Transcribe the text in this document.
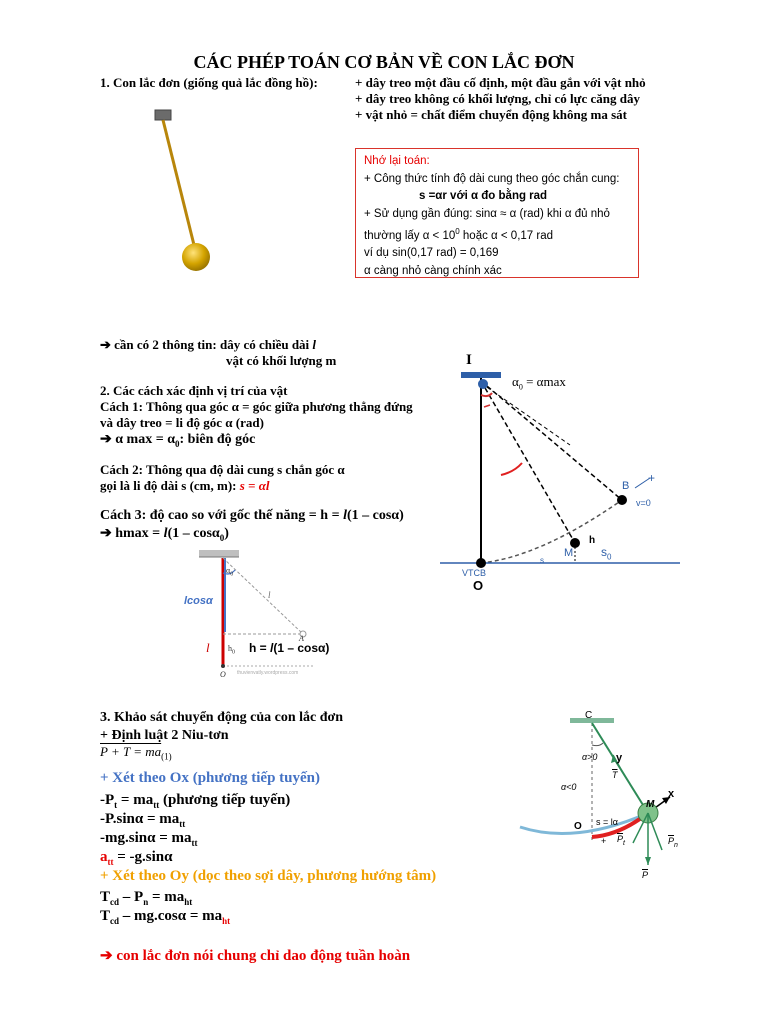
CÁC PHÉP TOÁN CƠ BẢN VỀ CON LẮC ĐƠN
1. Con lắc đơn (giống quả lắc đồng hồ):	+ dây treo một đầu cố định, một đầu gắn với vật nhỏ
+ dây treo không có khối lượng, chỉ có lực căng dây
+ vật nhỏ = chất điểm chuyển động không ma sát
Nhớ lại toán:
+ Công thức tính độ dài cung theo góc chắn cung:
s =αr với α đo bằng rad
+ Sử dụng gần đúng: sinα ≈ α (rad) khi α đủ nhỏ
thường lấy $\alpha < 10^0$ hoặc α < 0,17 rad
ví dụ sin(0,17 rad) = 0,169
α càng nhỏ càng chính xác
➔ cần có 2 thông tin: dây có chiều dài l
vật có khối lượng m
2. Các cách xác định vị trí của vật
Cách 1: Thông qua góc α = góc giữa phương thẳng đứng
và dây treo = li độ góc α (rad)
➔ α $\max = \alpha_0$: biên độ góc
Cách 2: Thông qua độ dài cung s chắn góc α
gọi là li độ dài s (cm, m): s = αl
Cách 3: độ cao so với gốc thế năng = h = l(1 – cosα)
➔ hmax = l(1 – cosα$_0$)
I
$\alpha_0 = \alpha\max$
B
+
v=0
M
h
$s_0$
s
VTCB
O
lcosα
l
l
$\alpha_0$
$h_0$
A
O
h = l(1 – cosα)
thuvienvatly.wordpress.com
3. Khảo sát chuyển động của con lắc đơn
+ Định luật 2 Niu-tơn
$P + T = ma_{(1)}$
+ Xét theo Ox (phương tiếp tuyến)
$-P_t = ma_{tt}$ (phương tiếp tuyến)
$-P.\sin\alpha = ma_{tt}$
$-mg.\sin\alpha = ma_{tt}$
$a_{tt} = -g.\sin\alpha$
+ Xét theo Oy (dọc theo sợi dây, phương hướng tâm)
$T_{cd} - P_n = ma_{ht}$
$T_{cd} - mg.\cos\alpha = ma_{ht}$
➔ con lắc đơn nói chung chỉ dao động tuần hoàn
C
α>0
α<0
y
$\overline{T}$
x
M
O s = lα
+ $\overline{P}_t$	$\overline{P}_n$
$\overline{P}$
